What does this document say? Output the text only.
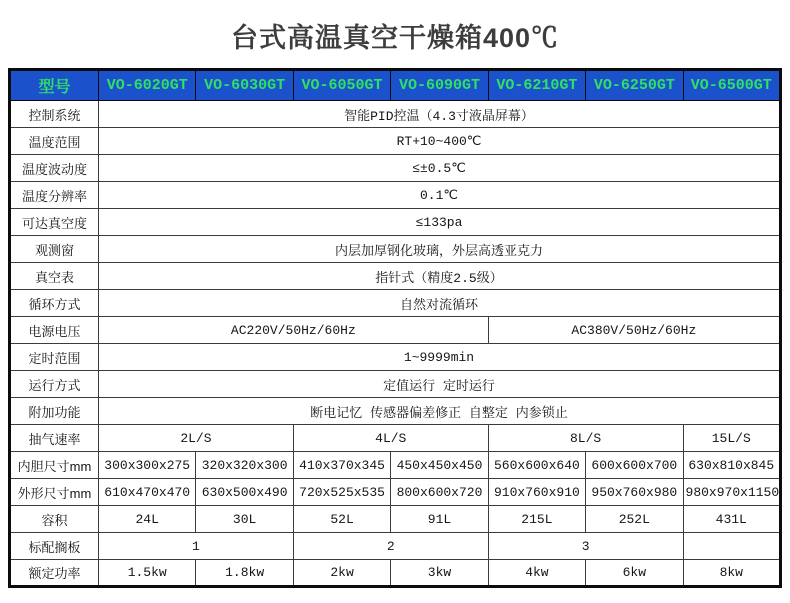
台式高温真空干燥箱400℃
型号	VO-6020GT	VO-6030GT	VO-6050GT	VO-6090GT	VO-6210GT	VO-6250GT	VO-6500GT
控制系统	智能PID控温（4.3寸液晶屏幕）						
温度范围	RT+10~400℃						
温度波动度	≤±0.5℃						
温度分辨率	0.1℃						
可达真空度	≤133pa						
观测窗	内层加厚钢化玻璃，外层高透亚克力						
真空表	指针式（精度2.5级）						
循环方式	自然对流循环						
电源电压	AC220V/50Hz/60Hz				AC380V/50Hz/60Hz		
定时范围	1~9999min						
运行方式	定值运行 定时运行						
附加功能	断电记忆 传感器偏差修正 自整定 内参锁止						
抽气速率	2L/S		4L/S		8L/S		15L/S
内胆尺寸mm	300x300x275	320x320x300	410x370x345	450x450x450	560x600x640	600x600x700	630x810x845
外形尺寸mm	610x470x470	630x500x490	720x525x535	800x600x720	910x760x910	950x760x980	980x970x1150
容积	24L	30L	52L	91L	215L	252L	431L
标配搁板	1		2		3		
额定功率	1.5kw	1.8kw	2kw	3kw	4kw	6kw	8kw
